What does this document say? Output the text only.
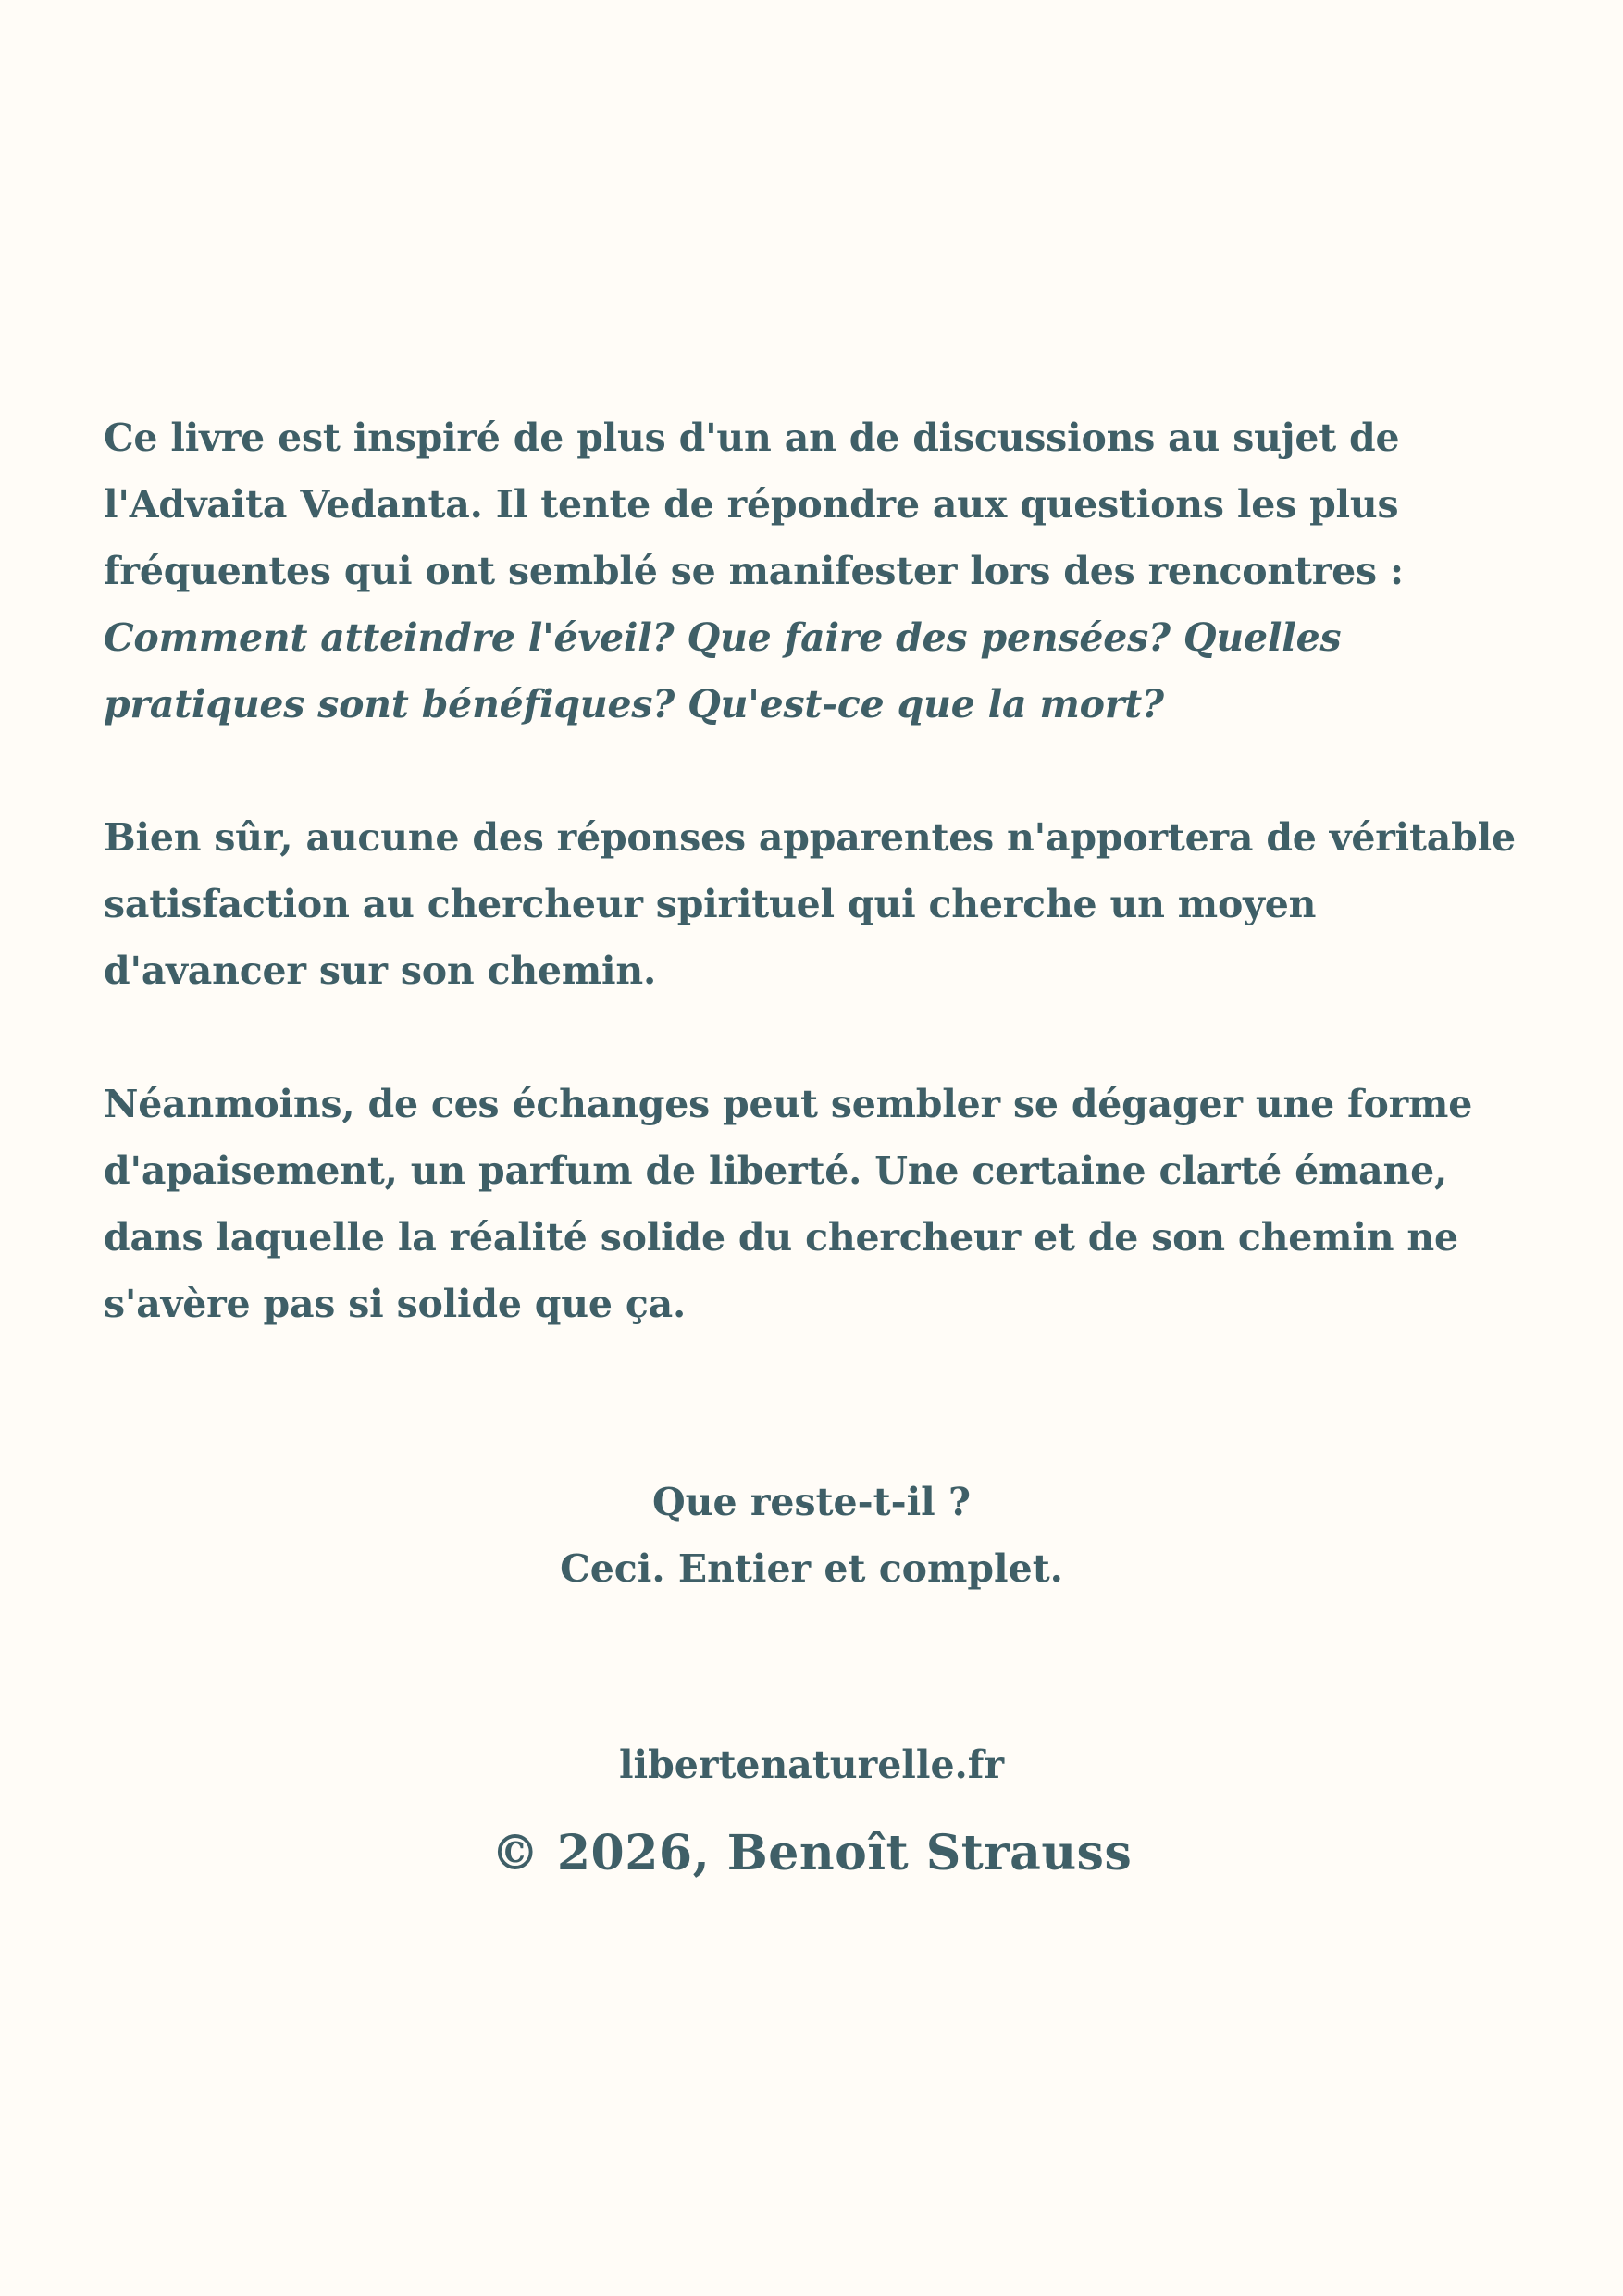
Ce livre est inspiré de plus d'un an de discussions au sujet de l'Advaita Vedanta. Il tente de répondre aux questions les plus fréquentes qui ont semblé se manifester lors des rencontres : Comment atteindre l'éveil? Que faire des pensées? Quelles pratiques sont bénéfiques? Qu'est-ce que la mort?

Bien sûr, aucune des réponses apparentes n'apportera de véritable satisfaction au chercheur spirituel qui cherche un moyen d'avancer sur son chemin.

Néanmoins, de ces échanges peut sembler se dégager une forme d'apaisement, un parfum de liberté. Une certaine clarté émane, dans laquelle la réalité solide du chercheur et de son chemin ne s'avère pas si solide que ça.

Que reste-t-il ?
Ceci. Entier et complet.
libertenaturelle.fr
© 2026, Benoît Strauss
